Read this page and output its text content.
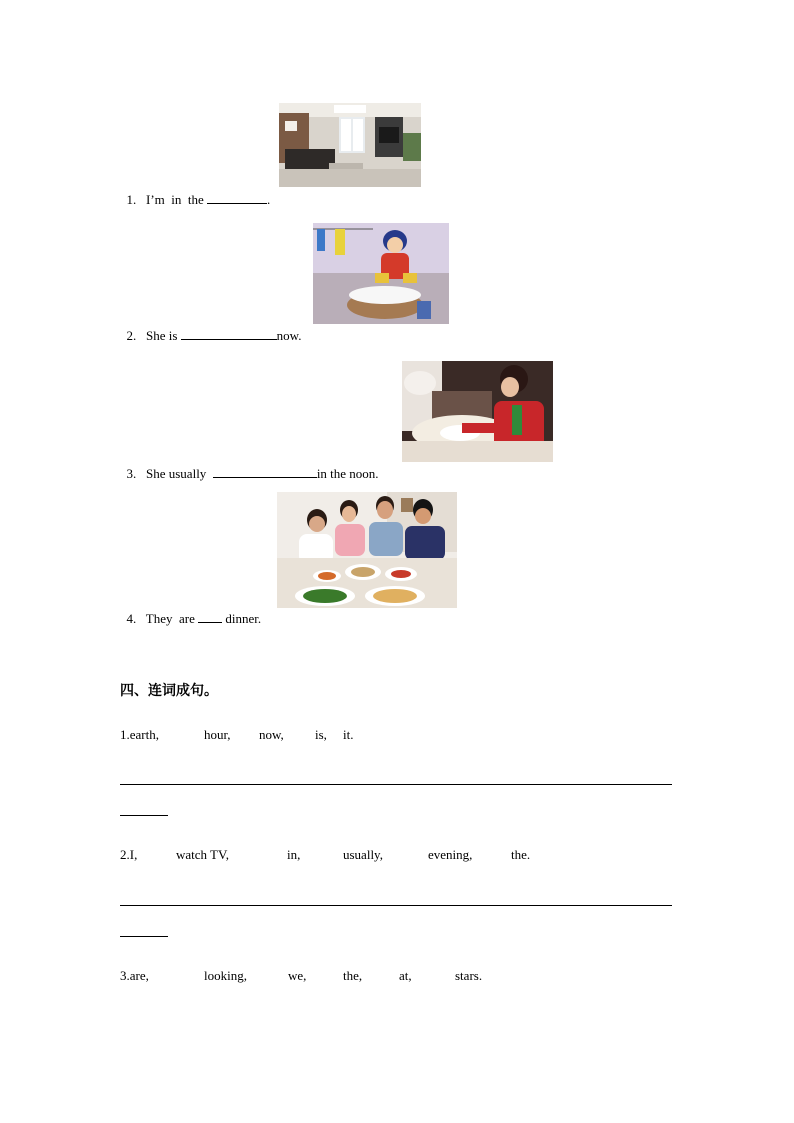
1. I’m  in  the	.

2. She is	now.

3. She usually	in the noon.

4. They  are dinner.

四、连词成句。
1.earth,	hour, now, is, it.
2.I,	watch TV,	in,	usually,	evening,	the.
3.are,	looking,	we,	the,	at,	stars.
